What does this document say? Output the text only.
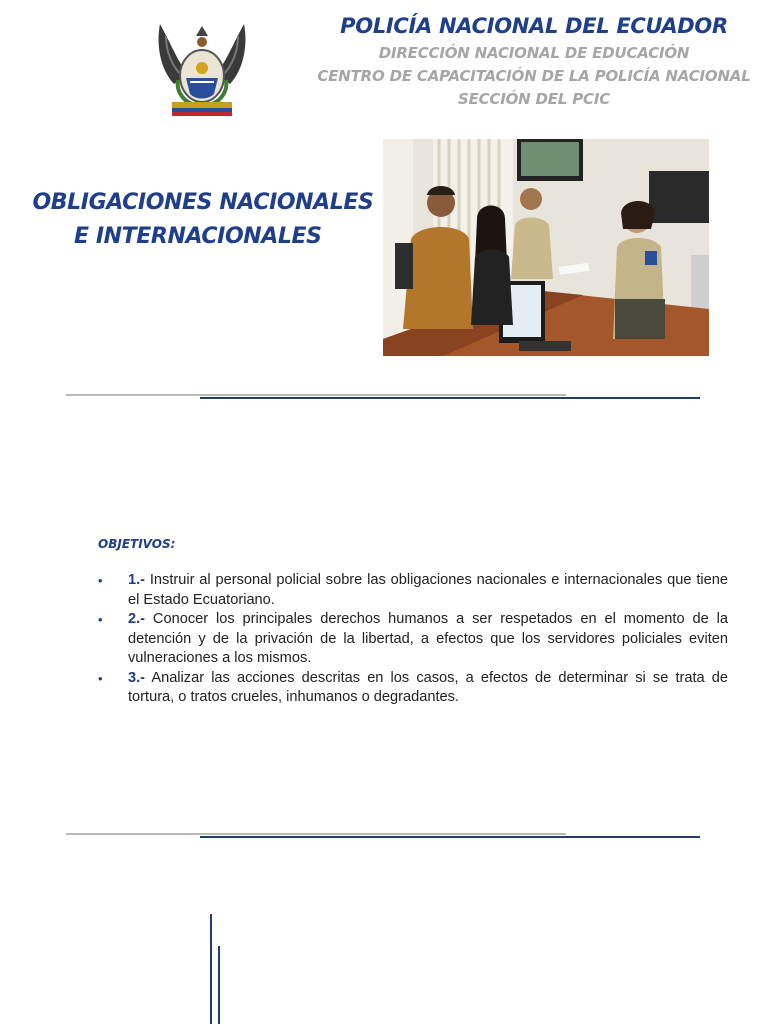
POLICÍA NACIONAL DEL ECUADOR
DIRECCIÓN NACIONAL DE EDUCACIÓN
CENTRO DE CAPACITACIÓN DE LA POLICÍA NACIONAL
SECCIÓN DEL PCIC
OBLIGACIONES NACIONALES
E INTERNACIONALES
OBJETIVOS:
• 1.- Instruir al personal policial sobre las obligaciones nacionales e internacionales que tiene el Estado Ecuatoriano.
• 2.- Conocer los principales derechos humanos a ser respetados en el momento de la detención y de la privación de la libertad, a efectos que los servidores policiales eviten vulneraciones a los mismos.
• 3.- Analizar las acciones descritas en los casos, a efectos de determinar si se trata de tortura, o tratos crueles, inhumanos o degradantes.
